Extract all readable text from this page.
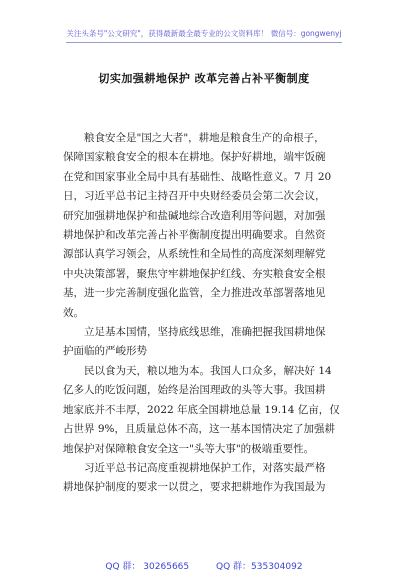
关注头条号"公文研究"，获得最新最全最专业的公文资料库！ 微信号：gongwenyj
切实加强耕地保护 改革完善占补平衡制度
粮食安全是"国之大者"，耕地是粮食生产的命根子，
保障国家粮食安全的根本在耕地。保护好耕地，端牢饭碗
在党和国家事业全局中具有基础性、战略性意义。7 月 20
日，习近平总书记主持召开中央财经委员会第二次会议，
研究加强耕地保护和盐碱地综合改造利用等问题，对加强
耕地保护和改革完善占补平衡制度提出明确要求。自然资
源部认真学习领会，从系统性和全局性的高度深刻理解党
中央决策部署，聚焦守牢耕地保护红线、夯实粮食安全根
基，进一步完善制度强化监管，全力推进改革部署落地见
效。
立足基本国情，坚持底线思维，准确把握我国耕地保
护面临的严峻形势
民以食为天，粮以地为本。我国人口众多，解决好 14
亿多人的吃饭问题，始终是治国理政的头等大事。我国耕
地家底并不丰厚，2022 年底全国耕地总量 19.14 亿亩，仅
占世界 9%，且质量总体不高，这一基本国情决定了加强耕
地保护对保障粮食安全这一"头等大事"的极端重要性。
习近平总书记高度重视耕地保护工作，对落实最严格
耕地保护制度的要求一以贯之，要求把耕地作为我国最为
QQ 群： 30265665	QQ 群：535304092
